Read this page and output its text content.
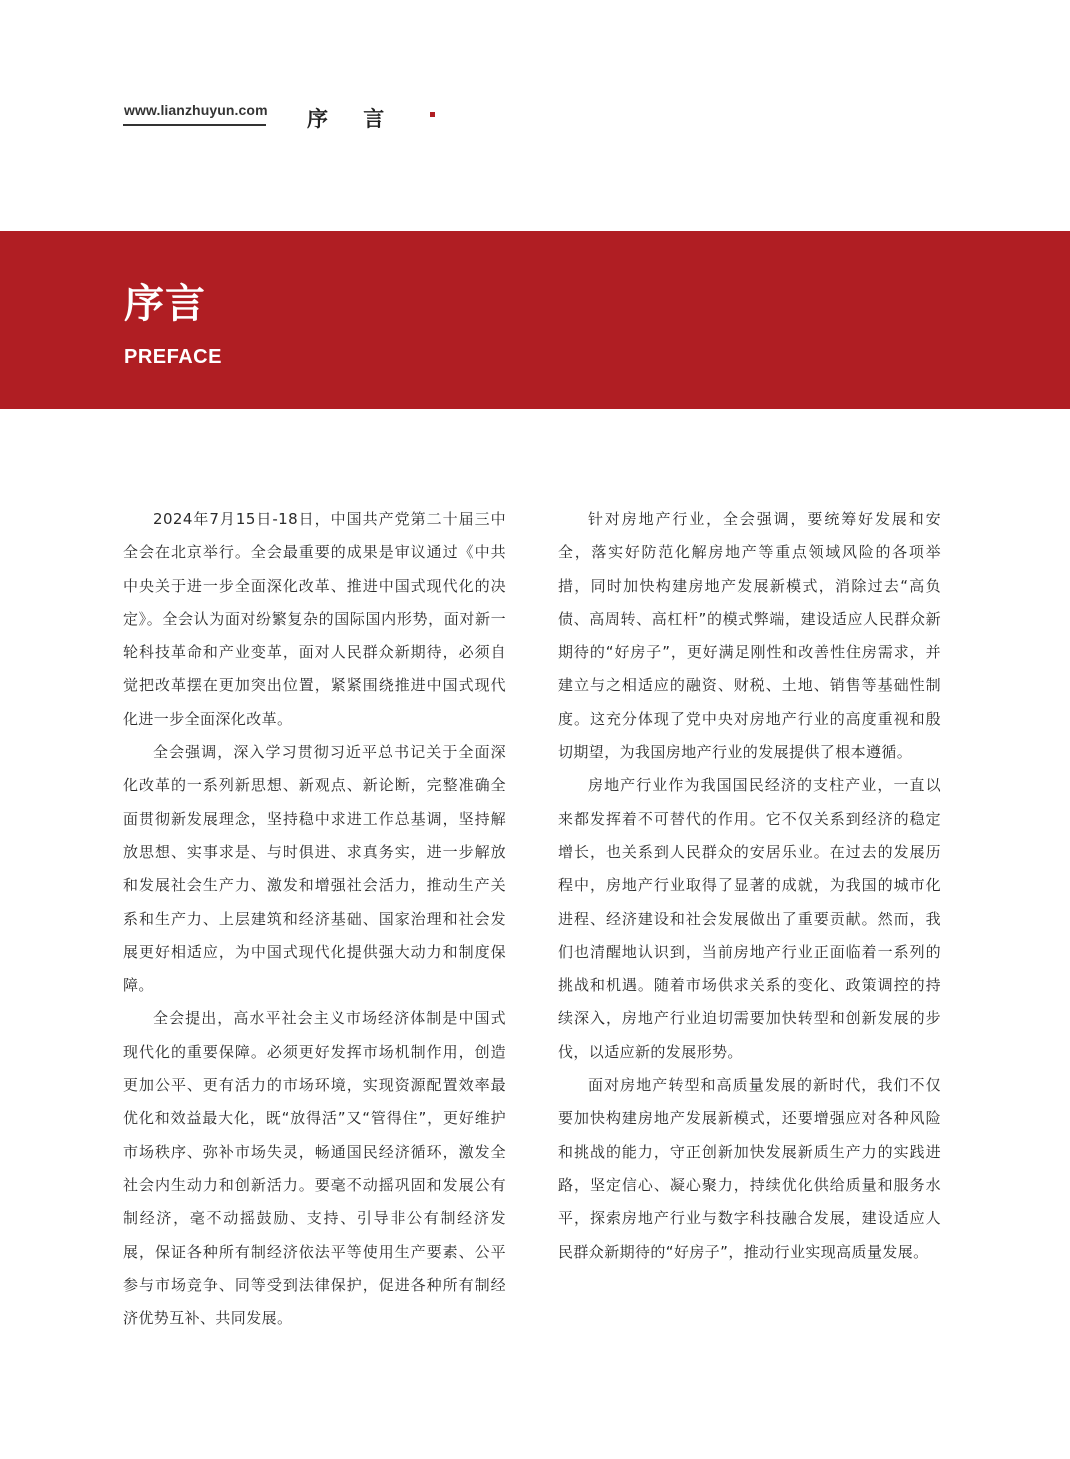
www.lianzhuyun.com 序 言
序言
PREFACE

2024年7月15日-18日，中国共产党第二十届三中全会在北京举行。全会最重要的成果是审议通过《中共中央关于进一步全面深化改革、推进中国式现代化的决定》。全会认为面对纷繁复杂的国际国内形势，面对新一轮科技革命和产业变革，面对人民群众新期待，必须自觉把改革摆在更加突出位置，紧紧围绕推进中国式现代化进一步全面深化改革。

全会强调，深入学习贯彻习近平总书记关于全面深化改革的一系列新思想、新观点、新论断，完整准确全面贯彻新发展理念，坚持稳中求进工作总基调，坚持解放思想、实事求是、与时俱进、求真务实，进一步解放和发展社会生产力、激发和增强社会活力，推动生产关系和生产力、上层建筑和经济基础、国家治理和社会发展更好相适应，为中国式现代化提供强大动力和制度保障。

全会提出，高水平社会主义市场经济体制是中国式现代化的重要保障。必须更好发挥市场机制作用，创造更加公平、更有活力的市场环境，实现资源配置效率最优化和效益最大化，既“放得活”又“管得住”，更好维护市场秩序、弥补市场失灵，畅通国民经济循环，激发全社会内生动力和创新活力。要毫不动摇巩固和发展公有制经济，毫不动摇鼓励、支持、引导非公有制经济发展，保证各种所有制经济依法平等使用生产要素、公平参与市场竞争、同等受到法律保护，促进各种所有制经济优势互补、共同发展。

针对房地产行业，全会强调，要统筹好发展和安全，落实好防范化解房地产等重点领域风险的各项举措，同时加快构建房地产发展新模式，消除过去“高负债、高周转、高杠杆”的模式弊端，建设适应人民群众新期待的“好房子”，更好满足刚性和改善性住房需求，并建立与之相适应的融资、财税、土地、销售等基础性制度。这充分体现了党中央对房地产行业的高度重视和殷切期望，为我国房地产行业的发展提供了根本遵循。

房地产行业作为我国国民经济的支柱产业，一直以来都发挥着不可替代的作用。它不仅关系到经济的稳定增长，也关系到人民群众的安居乐业。在过去的发展历程中，房地产行业取得了显著的成就，为我国的城市化进程、经济建设和社会发展做出了重要贡献。然而，我们也清醒地认识到，当前房地产行业正面临着一系列的挑战和机遇。随着市场供求关系的变化、政策调控的持续深入，房地产行业迫切需要加快转型和创新发展的步伐，以适应新的发展形势。

面对房地产转型和高质量发展的新时代，我们不仅要加快构建房地产发展新模式，还要增强应对各种风险和挑战的能力，守正创新加快发展新质生产力的实践进路，坚定信心、凝心聚力，持续优化供给质量和服务水平，探索房地产行业与数字科技融合发展，建设适应人民群众新期待的“好房子”，推动行业实现高质量发展。
